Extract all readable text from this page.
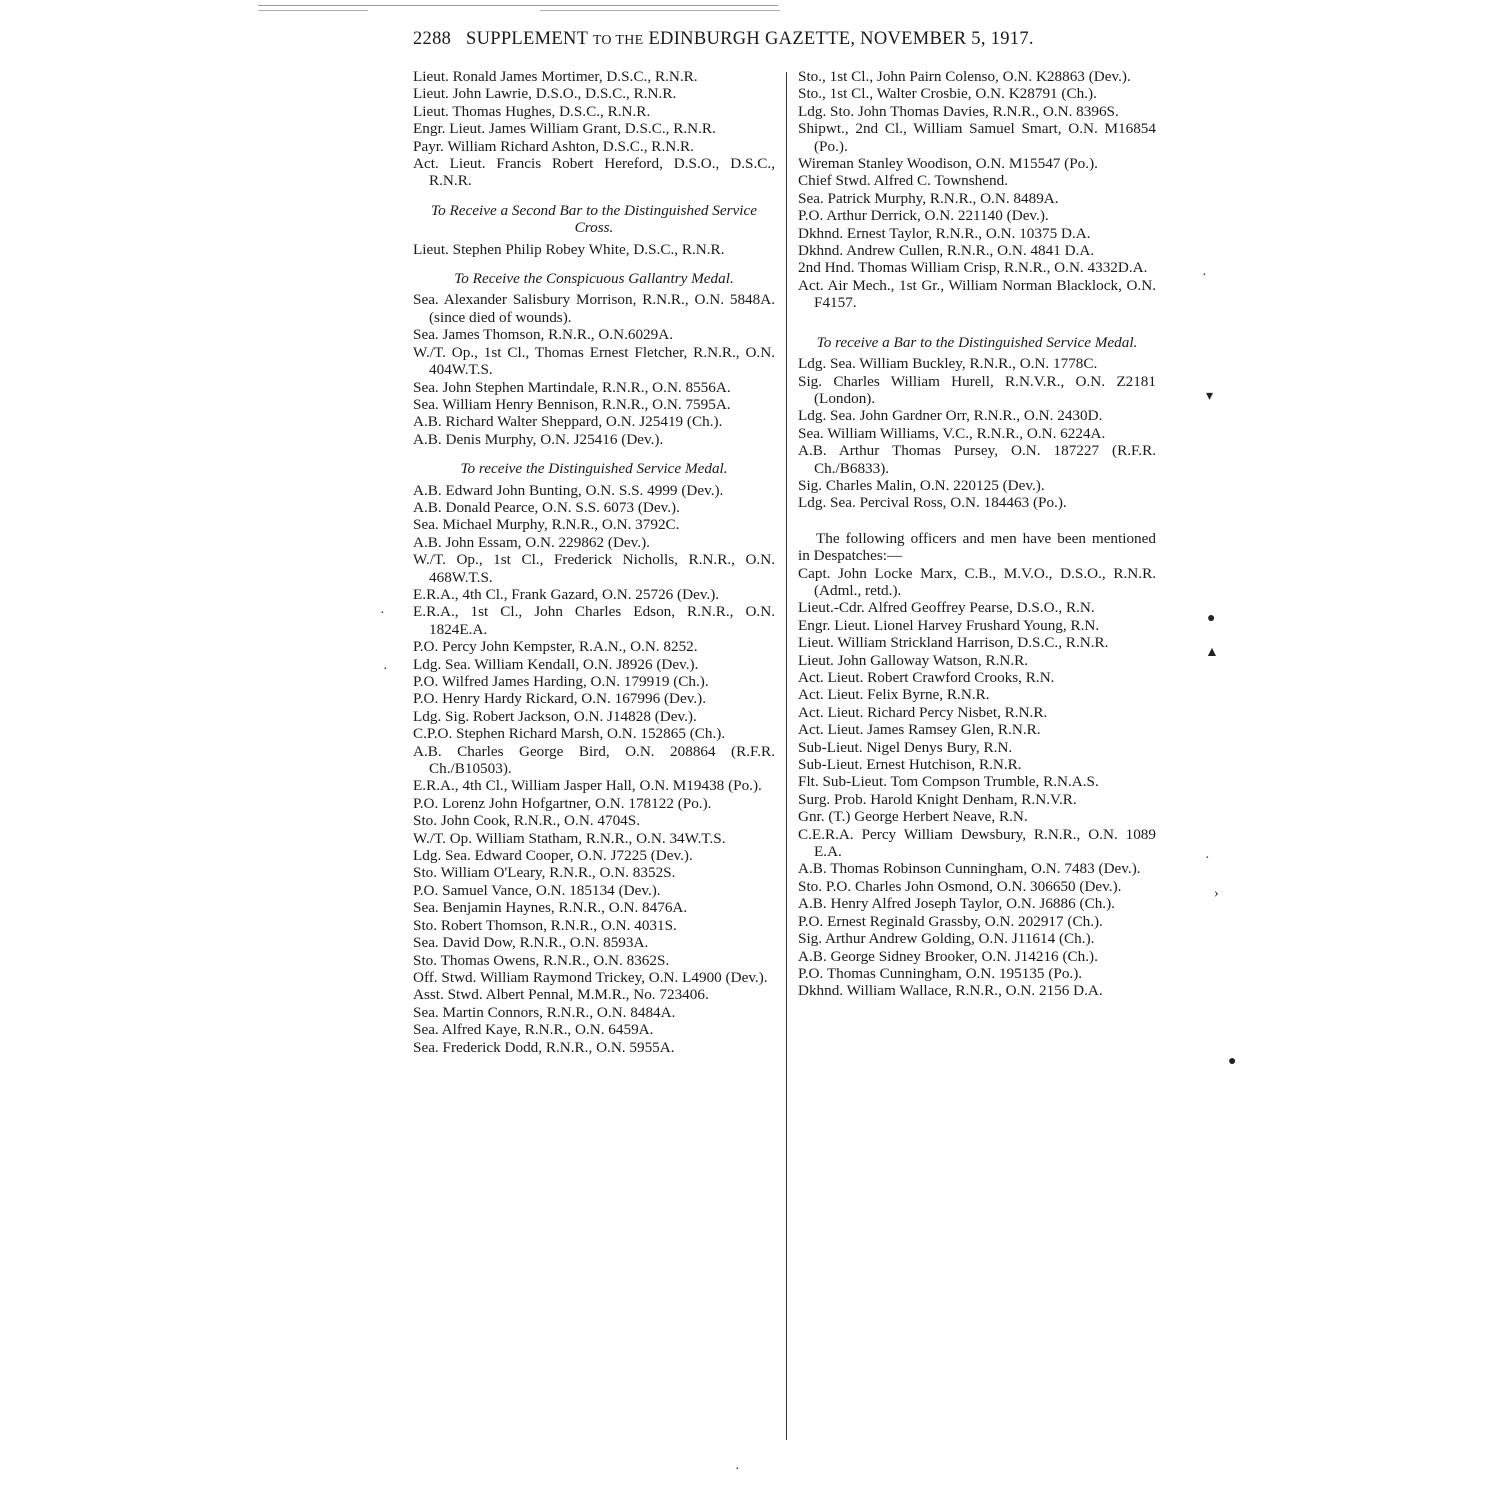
2288 SUPPLEMENT TO THE EDINBURGH GAZETTE, NOVEMBER 5, 1917.
Lieut. Ronald James Mortimer, D.S.C., R.N.R.
Lieut. John Lawrie, D.S.O., D.S.C., R.N.R.
Lieut. Thomas Hughes, D.S.C., R.N.R.
Engr. Lieut. James William Grant, D.S.C., R.N.R.
Payr. William Richard Ashton, D.S.C., R.N.R.
Act. Lieut. Francis Robert Hereford, D.S.O., D.S.C., R.N.R.
To Receive a Second Bar to the Distinguished Service Cross.
Lieut. Stephen Philip Robey White, D.S.C., R.N.R.
To Receive the Conspicuous Gallantry Medal.
Sea. Alexander Salisbury Morrison, R.N.R., O.N. 5848A. (since died of wounds).
Sea. James Thomson, R.N.R., O.N.6029A.
W./T. Op., 1st Cl., Thomas Ernest Fletcher, R.N.R., O.N. 404W.T.S.
Sea. John Stephen Martindale, R.N.R., O.N. 8556A.
Sea. William Henry Bennison, R.N.R., O.N. 7595A.
A.B. Richard Walter Sheppard, O.N. J25419 (Ch.).
A.B. Denis Murphy, O.N. J25416 (Dev.).
To receive the Distinguished Service Medal.
A.B. Edward John Bunting, O.N. S.S. 4999 (Dev.).
A.B. Donald Pearce, O.N. S.S. 6073 (Dev.).
Sea. Michael Murphy, R.N.R., O.N. 3792C.
A.B. John Essam, O.N. 229862 (Dev.).
W./T. Op., 1st Cl., Frederick Nicholls, R.N.R., O.N. 468W.T.S.
E.R.A., 4th Cl., Frank Gazard, O.N. 25726 (Dev.).
E.R.A., 1st Cl., John Charles Edson, R.N.R., O.N. 1824E.A.
P.O. Percy John Kempster, R.A.N., O.N. 8252.
Ldg. Sea. William Kendall, O.N. J8926 (Dev.).
P.O. Wilfred James Harding, O.N. 179919 (Ch.).
P.O. Henry Hardy Rickard, O.N. 167996 (Dev.).
Ldg. Sig. Robert Jackson, O.N. J14828 (Dev.).
C.P.O. Stephen Richard Marsh, O.N. 152865 (Ch.).
A.B. Charles George Bird, O.N. 208864 (R.F.R. Ch./B10503).
E.R.A., 4th Cl., William Jasper Hall, O.N. M19438 (Po.).
P.O. Lorenz John Hofgartner, O.N. 178122 (Po.).
Sto. John Cook, R.N.R., O.N. 4704S.
W./T. Op. William Statham, R.N.R., O.N. 34W.T.S.
Ldg. Sea. Edward Cooper, O.N. J7225 (Dev.).
Sto. William O'Leary, R.N.R., O.N. 8352S.
P.O. Samuel Vance, O.N. 185134 (Dev.).
Sea. Benjamin Haynes, R.N.R., O.N. 8476A.
Sto. Robert Thomson, R.N.R., O.N. 4031S.
Sea. David Dow, R.N.R., O.N. 8593A.
Sto. Thomas Owens, R.N.R., O.N. 8362S.
Off. Stwd. William Raymond Trickey, O.N. L4900 (Dev.).
Asst. Stwd. Albert Pennal, M.M.R., No. 723406.
Sea. Martin Connors, R.N.R., O.N. 8484A.
Sea. Alfred Kaye, R.N.R., O.N. 6459A.
Sea. Frederick Dodd, R.N.R., O.N. 5955A.
Sto., 1st Cl., John Pairn Colenso, O.N. K28863 (Dev.).
Sto., 1st Cl., Walter Crosbie, O.N. K28791 (Ch.).
Ldg. Sto. John Thomas Davies, R.N.R., O.N. 8396S.
Shipwt., 2nd Cl., William Samuel Smart, O.N. M16854 (Po.).
Wireman Stanley Woodison, O.N. M15547 (Po.).
Chief Stwd. Alfred C. Townshend.
Sea. Patrick Murphy, R.N.R., O.N. 8489A.
P.O. Arthur Derrick, O.N. 221140 (Dev.).
Dkhnd. Ernest Taylor, R.N.R., O.N. 10375 D.A.
Dkhnd. Andrew Cullen, R.N.R., O.N. 4841 D.A.
2nd Hnd. Thomas William Crisp, R.N.R., O.N. 4332D.A.
Act. Air Mech., 1st Gr., William Norman Blacklock, O.N. F4157.
To receive a Bar to the Distinguished Service Medal.
Ldg. Sea. William Buckley, R.N.R., O.N. 1778C.
Sig. Charles William Hurell, R.N.V.R., O.N. Z2181 (London).
Ldg. Sea. John Gardner Orr, R.N.R., O.N. 2430D.
Sea. William Williams, V.C., R.N.R., O.N. 6224A.
A.B. Arthur Thomas Pursey, O.N. 187227 (R.F.R. Ch./B6833).
Sig. Charles Malin, O.N. 220125 (Dev.).
Ldg. Sea. Percival Ross, O.N. 184463 (Po.).
The following officers and men have been mentioned in Despatches:—
Capt. John Locke Marx, C.B., M.V.O., D.S.O., R.N.R. (Adml., retd.).
Lieut.-Cdr. Alfred Geoffrey Pearse, D.S.O., R.N.
Engr. Lieut. Lionel Harvey Frushard Young, R.N.
Lieut. William Strickland Harrison, D.S.C., R.N.R.
Lieut. John Galloway Watson, R.N.R.
Act. Lieut. Robert Crawford Crooks, R.N.
Act. Lieut. Felix Byrne, R.N.R.
Act. Lieut. Richard Percy Nisbet, R.N.R.
Act. Lieut. James Ramsey Glen, R.N.R.
Sub-Lieut. Nigel Denys Bury, R.N.
Sub-Lieut. Ernest Hutchison, R.N.R.
Flt. Sub-Lieut. Tom Compson Trumble, R.N.A.S.
Surg. Prob. Harold Knight Denham, R.N.V.R.
Gnr. (T.) George Herbert Neave, R.N.
C.E.R.A. Percy William Dewsbury, R.N.R., O.N. 1089 E.A.
A.B. Thomas Robinson Cunningham, O.N. 7483 (Dev.).
Sto. P.O. Charles John Osmond, O.N. 306650 (Dev.).
A.B. Henry Alfred Joseph Taylor, O.N. J6886 (Ch.).
P.O. Ernest Reginald Grassby, O.N. 202917 (Ch.).
Sig. Arthur Andrew Golding, O.N. J11614 (Ch.).
A.B. George Sidney Brooker, O.N. J14216 (Ch.).
P.O. Thomas Cunningham, O.N. 195135 (Po.).
Dkhnd. William Wallace, R.N.R., O.N. 2156 D.A.
·
▾
●
▲
·
›
●
·
·
·
